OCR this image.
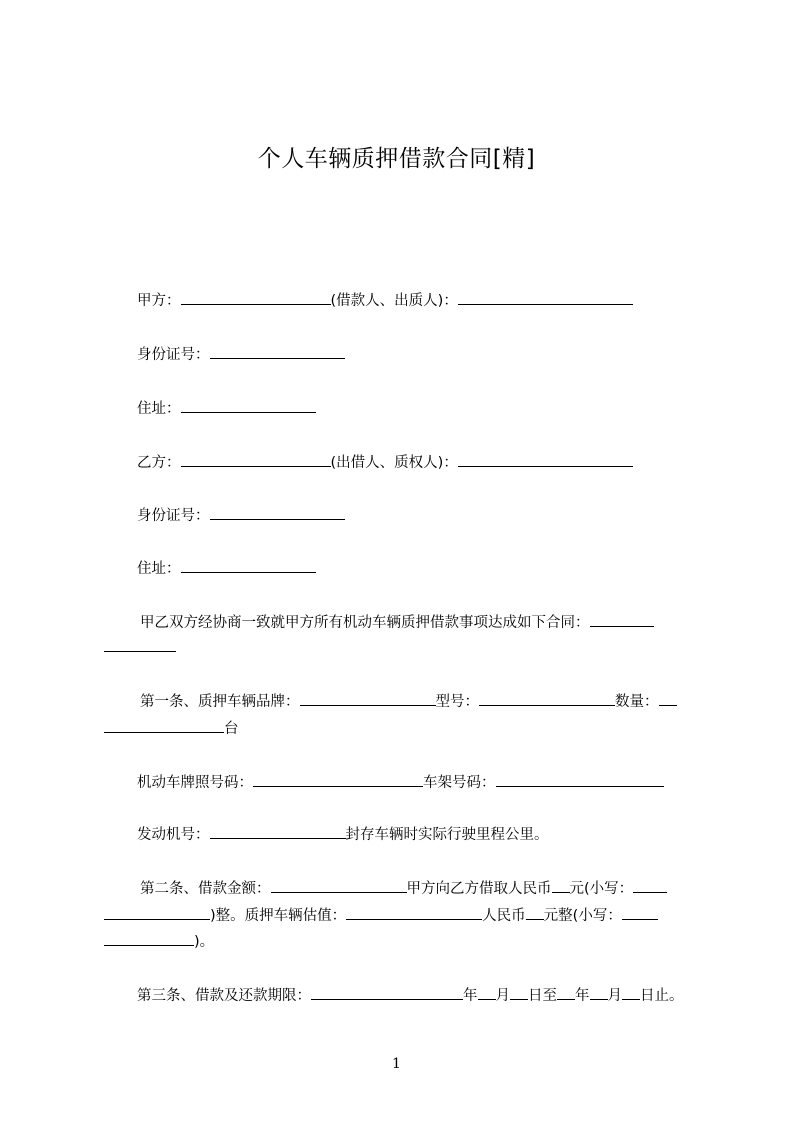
个人车辆质押借款合同[精]
甲方：	(借款人、出质人)：
身份证号：
住址：
乙方：	(出借人、质权人)：
身份证号：
住址：
甲乙双方经协商一致就甲方所有机动车辆质押借款事项达成如下合同：
第一条、质押车辆品牌：	型号：	数量：
台
机动车牌照号码：	车架号码：
发动机号：	封存车辆时实际行驶里程公里。
第二条、借款金额：	甲方向乙方借取人民币 元(小写：
)整。质押车辆估值：	人民币 元整(小写：
)。
第三条、借款及还款期限：	年 月 日至 年 月 日止。
1
